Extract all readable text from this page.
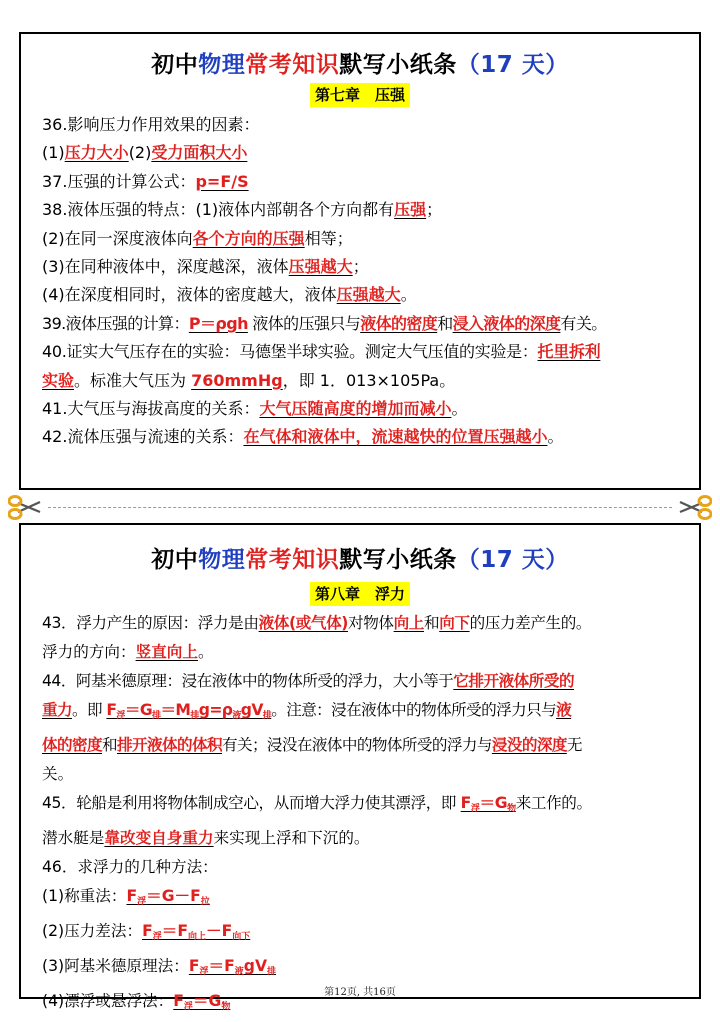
初中物理常考知识默写小纸条（17 天）
第七章　压强
36.影响压力作用效果的因素：
(1)压力大小(2)受力面积大小
37.压强的计算公式：p=F/S
38.液体压强的特点：(1)液体内部朝各个方向都有压强；
(2)在同一深度液体向各个方向的压强相等；
(3)在同种液体中，深度越深，液体压强越大；
(4)在深度相同时，液体的密度越大，液体压强越大。
39.液体压强的计算：P＝ρgh 液体的压强只与液体的密度和浸入液体的深度有关。
40.证实大气压存在的实验：马德堡半球实验。测定大气压值的实验是：托里拆利
实验。标准大气压为 760mmHg，即 1．013×105Pa。
41.大气压与海拔高度的关系：大气压随高度的增加而减小。
42.流体压强与流速的关系：在气体和液体中，流速越快的位置压强越小。
初中物理常考知识默写小纸条（17 天）
第八章　浮力
43．浮力产生的原因：浮力是由液体(或气体)对物体向上和向下的压力差产生的。
浮力的方向：竖直向上。
44．阿基米德原理：浸在液体中的物体所受的浮力，大小等于它排开液体所受的
重力。即 $F_浮=G_排=M_排g=\rho_液gV_排$。注意：浸在液体中的物体所受的浮力只与液
体的密度和排开液体的体积有关；浸没在液体中的物体所受的浮力与浸没的深度无
关。
45．轮船是利用将物体制成空心，从而增大浮力使其漂浮，即 $F_浮=G_物$来工作的。
潜水艇是靠改变自身重力来实现上浮和下沉的。
46．求浮力的几种方法：
(1)称重法：$F_浮=G-F_拉$
(2)压力差法：$F_浮=F_{向上}-F_{向下}$
(3)阿基米德原理法：$F_浮=F_液gV_排$
(4)漂浮或悬浮法：$F_浮=G_物$
第12页, 共16页
